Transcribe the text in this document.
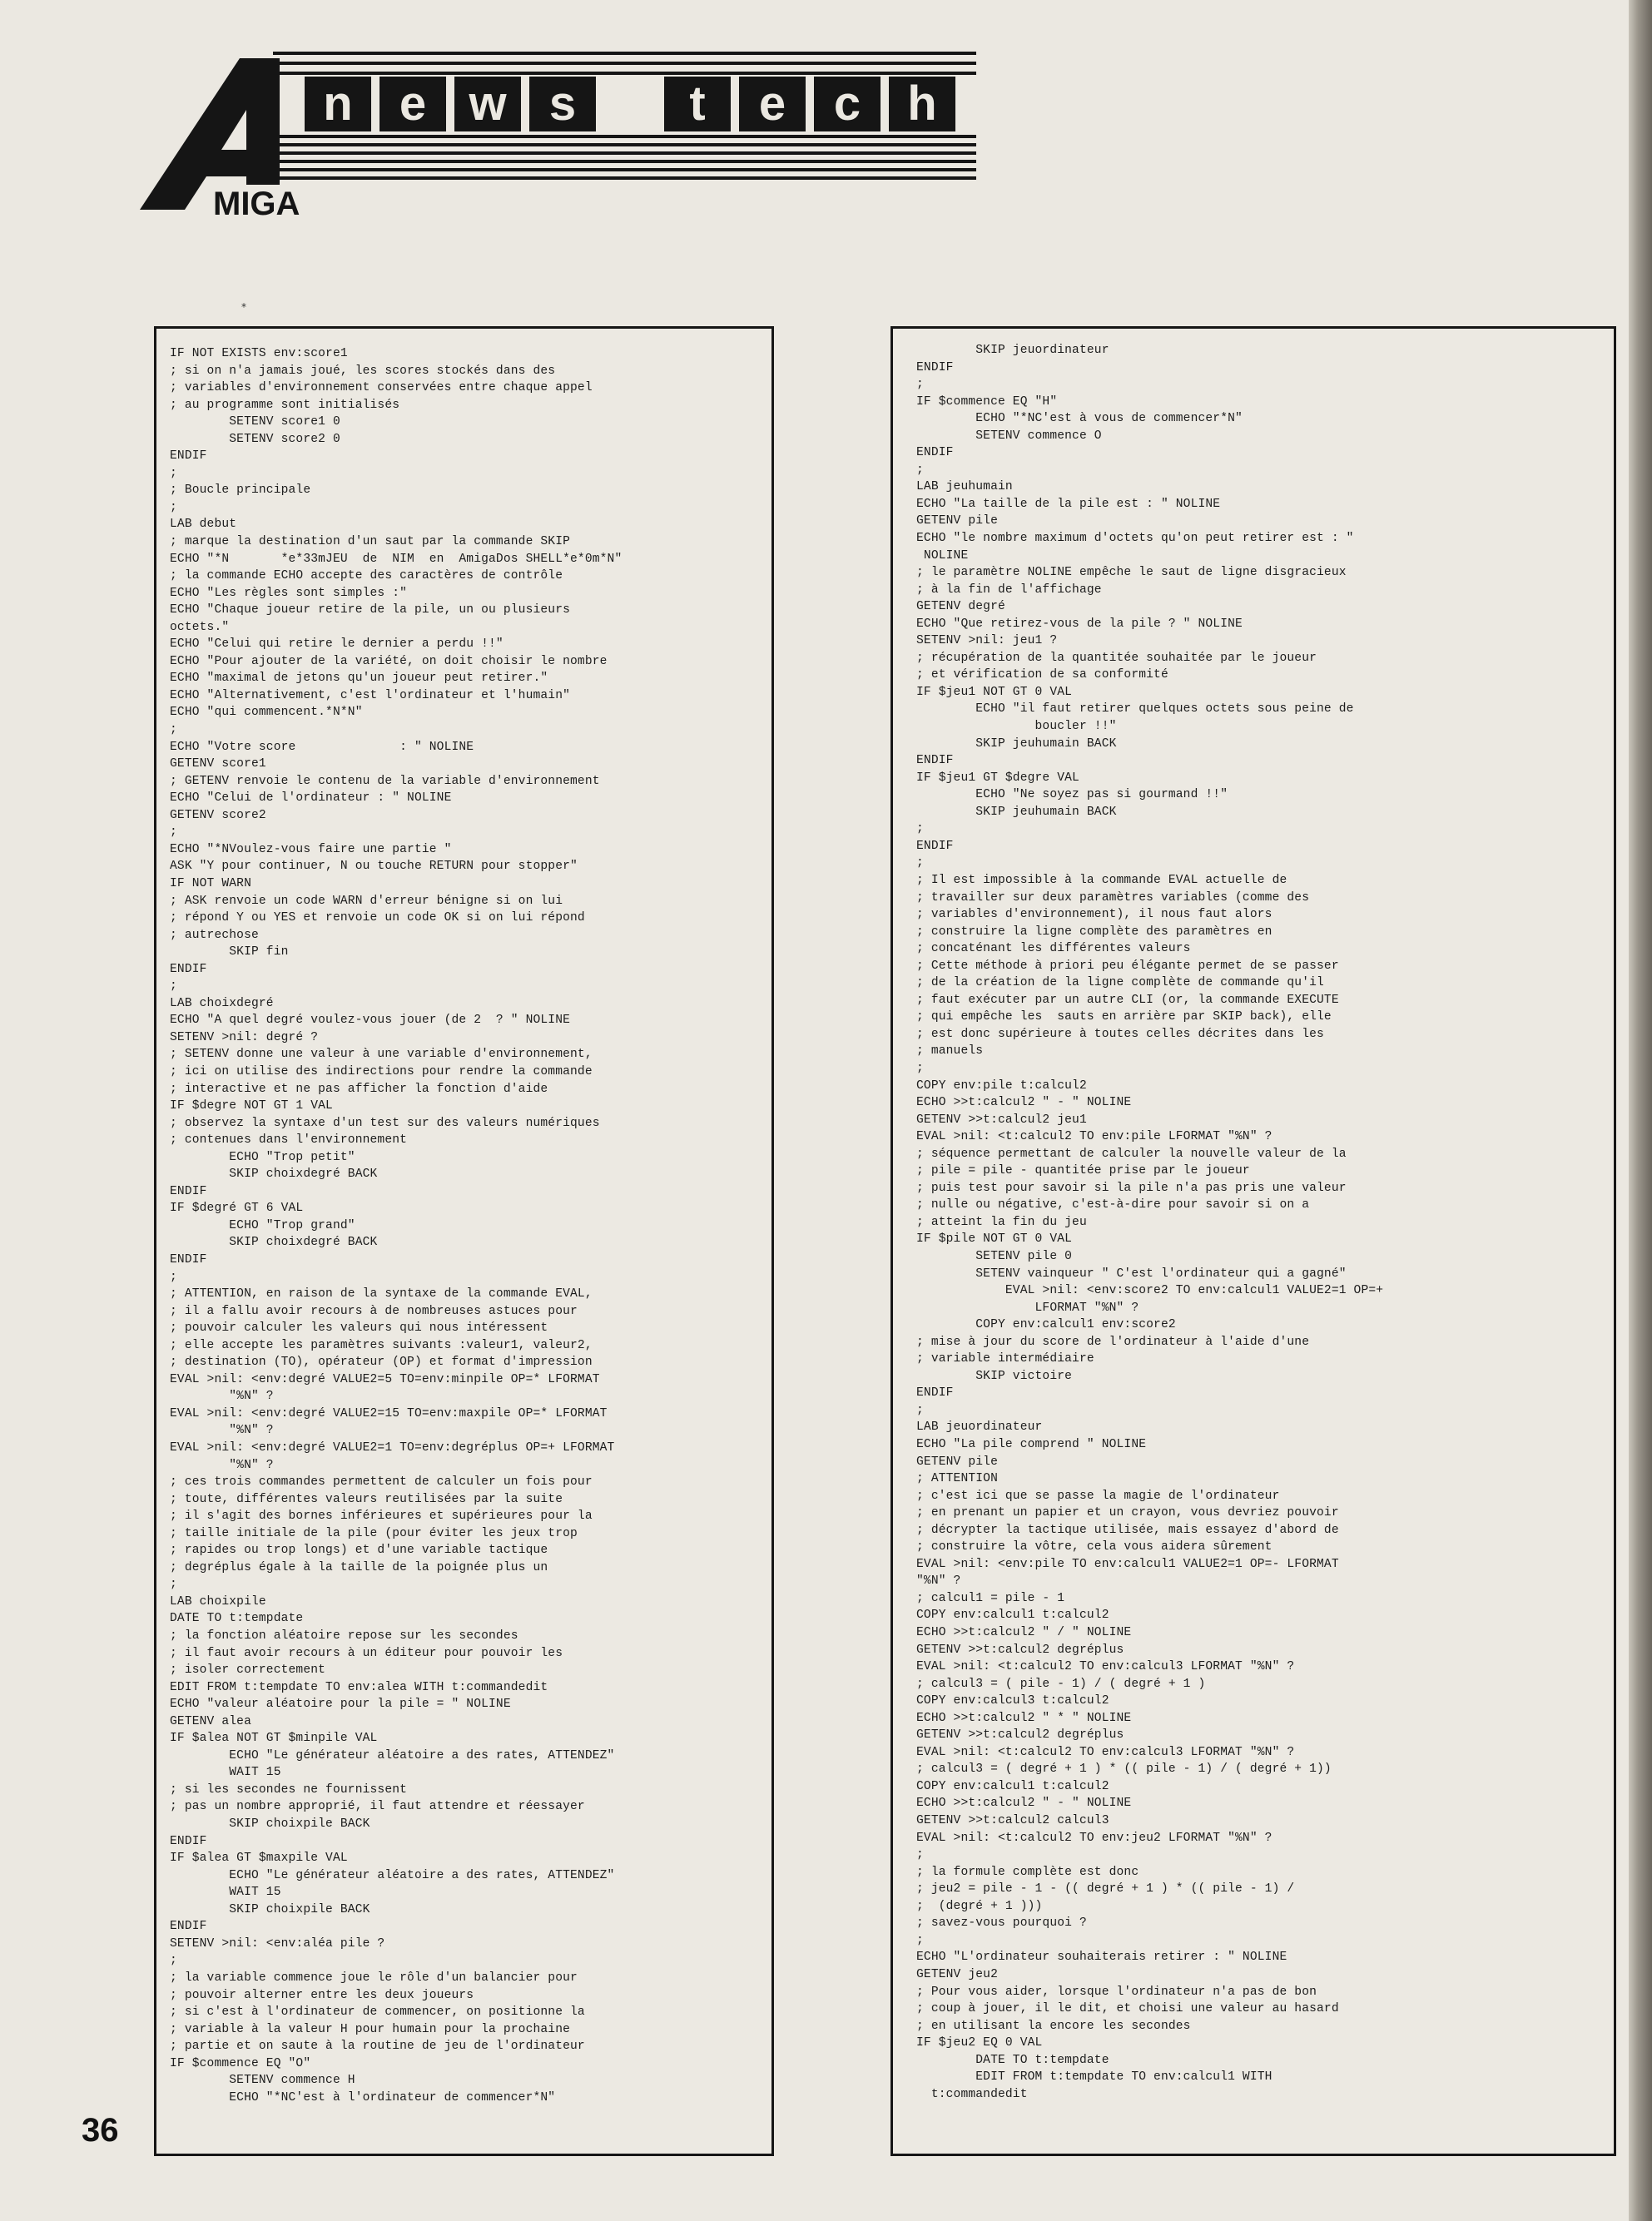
n e w s t e c h
MIGA
A
*
IF NOT EXISTS env:score1
; si on n'a jamais joué, les scores stockés dans des
; variables d'environnement conservées entre chaque appel
; au programme sont initialisés
SETENV score1 0
SETENV score2 0
ENDIF
;
; Boucle principale
;
LAB debut
; marque la destination d'un saut par la commande SKIP
ECHO "*N       *e*33mJEU  de  NIM  en  AmigaDos SHELL*e*0m*N"
; la commande ECHO accepte des caractères de contrôle
ECHO "Les règles sont simples :"
ECHO "Chaque joueur retire de la pile, un ou plusieurs
octets."
ECHO "Celui qui retire le dernier a perdu !!"
ECHO "Pour ajouter de la variété, on doit choisir le nombre
ECHO "maximal de jetons qu'un joueur peut retirer."
ECHO "Alternativement, c'est l'ordinateur et l'humain"
ECHO "qui commencent.*N*N"
;
ECHO "Votre score              : " NOLINE
GETENV score1
; GETENV renvoie le contenu de la variable d'environnement
ECHO "Celui de l'ordinateur : " NOLINE
GETENV score2
;
ECHO "*NVoulez-vous faire une partie "
ASK "Y pour continuer, N ou touche RETURN pour stopper"
IF NOT WARN
; ASK renvoie un code WARN d'erreur bénigne si on lui
; répond Y ou YES et renvoie un code OK si on lui répond
; autrechose
SKIP fin
ENDIF
;
LAB choixdegré
ECHO "A quel degré voulez-vous jouer (de 2  ? " NOLINE
SETENV >nil: degré ?
; SETENV donne une valeur à une variable d'environnement,
; ici on utilise des indirections pour rendre la commande
; interactive et ne pas afficher la fonction d'aide
IF $degre NOT GT 1 VAL
; observez la syntaxe d'un test sur des valeurs numériques
; contenues dans l'environnement
ECHO "Trop petit"
SKIP choixdegré BACK
ENDIF
IF $degré GT 6 VAL
ECHO "Trop grand"
SKIP choixdegré BACK
ENDIF
;
; ATTENTION, en raison de la syntaxe de la commande EVAL,
; il a fallu avoir recours à de nombreuses astuces pour
; pouvoir calculer les valeurs qui nous intéressent
; elle accepte les paramètres suivants :valeur1, valeur2,
; destination (TO), opérateur (OP) et format d'impression
EVAL >nil: <env:degré VALUE2=5 TO=env:minpile OP=* LFORMAT
"%N" ?
EVAL >nil: <env:degré VALUE2=15 TO=env:maxpile OP=* LFORMAT
"%N" ?
EVAL >nil: <env:degré VALUE2=1 TO=env:degréplus OP=+ LFORMAT
"%N" ?
; ces trois commandes permettent de calculer un fois pour
; toute, différentes valeurs reutilisées par la suite
; il s'agit des bornes inférieures et supérieures pour la
; taille initiale de la pile (pour éviter les jeux trop
; rapides ou trop longs) et d'une variable tactique
; degréplus égale à la taille de la poignée plus un
;
LAB choixpile
DATE TO t:tempdate
; la fonction aléatoire repose sur les secondes
; il faut avoir recours à un éditeur pour pouvoir les
; isoler correctement
EDIT FROM t:tempdate TO env:alea WITH t:commandedit
ECHO "valeur aléatoire pour la pile = " NOLINE
GETENV alea
IF $alea NOT GT $minpile VAL
ECHO "Le générateur aléatoire a des rates, ATTENDEZ"
WAIT 15
; si les secondes ne fournissent
; pas un nombre approprié, il faut attendre et réessayer
SKIP choixpile BACK
ENDIF
IF $alea GT $maxpile VAL
ECHO "Le générateur aléatoire a des rates, ATTENDEZ"
WAIT 15
SKIP choixpile BACK
ENDIF
SETENV >nil: <env:aléa pile ?
;
; la variable commence joue le rôle d'un balancier pour
; pouvoir alterner entre les deux joueurs
; si c'est à l'ordinateur de commencer, on positionne la
; variable à la valeur H pour humain pour la prochaine
; partie et on saute à la routine de jeu de l'ordinateur
IF $commence EQ "O"
SETENV commence H
ECHO "*NC'est à l'ordinateur de commencer*N"
SKIP jeuordinateur
ENDIF
;
IF $commence EQ "H"
ECHO "*NC'est à vous de commencer*N"
SETENV commence O
ENDIF
;
LAB jeuhumain
ECHO "La taille de la pile est : " NOLINE
GETENV pile
ECHO "le nombre maximum d'octets qu'on peut retirer est : "
NOLINE
; le paramètre NOLINE empêche le saut de ligne disgracieux
; à la fin de l'affichage
GETENV degré
ECHO "Que retirez-vous de la pile ? " NOLINE
SETENV >nil: jeu1 ?
; récupération de la quantitée souhaitée par le joueur
; et vérification de sa conformité
IF $jeu1 NOT GT 0 VAL
ECHO "il faut retirer quelques octets sous peine de
boucler !!"
SKIP jeuhumain BACK
ENDIF
IF $jeu1 GT $degre VAL
ECHO "Ne soyez pas si gourmand !!"
SKIP jeuhumain BACK
;
ENDIF
;
; Il est impossible à la commande EVAL actuelle de
; travailler sur deux paramètres variables (comme des
; variables d'environnement), il nous faut alors
; construire la ligne complète des paramètres en
; concaténant les différentes valeurs
; Cette méthode à priori peu élégante permet de se passer
; de la création de la ligne complète de commande qu'il
; faut exécuter par un autre CLI (or, la commande EXECUTE
; qui empêche les  sauts en arrière par SKIP back), elle
; est donc supérieure à toutes celles décrites dans les
; manuels
;
COPY env:pile t:calcul2
ECHO >>t:calcul2 " - " NOLINE
GETENV >>t:calcul2 jeu1
EVAL >nil: <t:calcul2 TO env:pile LFORMAT "%N" ?
; séquence permettant de calculer la nouvelle valeur de la
; pile = pile - quantitée prise par le joueur
; puis test pour savoir si la pile n'a pas pris une valeur
; nulle ou négative, c'est-à-dire pour savoir si on a
; atteint la fin du jeu
IF $pile NOT GT 0 VAL
SETENV pile 0
SETENV vainqueur " C'est l'ordinateur qui a gagné"
EVAL >nil: <env:score2 TO env:calcul1 VALUE2=1 OP=+
LFORMAT "%N" ?
COPY env:calcul1 env:score2
; mise à jour du score de l'ordinateur à l'aide d'une
; variable intermédiaire
SKIP victoire
ENDIF
;
LAB jeuordinateur
ECHO "La pile comprend " NOLINE
GETENV pile
; ATTENTION
; c'est ici que se passe la magie de l'ordinateur
; en prenant un papier et un crayon, vous devriez pouvoir
; décrypter la tactique utilisée, mais essayez d'abord de
; construire la vôtre, cela vous aidera sûrement
EVAL >nil: <env:pile TO env:calcul1 VALUE2=1 OP=- LFORMAT
"%N" ?
; calcul1 = pile - 1
COPY env:calcul1 t:calcul2
ECHO >>t:calcul2 " / " NOLINE
GETENV >>t:calcul2 degréplus
EVAL >nil: <t:calcul2 TO env:calcul3 LFORMAT "%N" ?
; calcul3 = ( pile - 1) / ( degré + 1 )
COPY env:calcul3 t:calcul2
ECHO >>t:calcul2 " * " NOLINE
GETENV >>t:calcul2 degréplus
EVAL >nil: <t:calcul2 TO env:calcul3 LFORMAT "%N" ?
; calcul3 = ( degré + 1 ) * (( pile - 1) / ( degré + 1))
COPY env:calcul1 t:calcul2
ECHO >>t:calcul2 " - " NOLINE
GETENV >>t:calcul2 calcul3
EVAL >nil: <t:calcul2 TO env:jeu2 LFORMAT "%N" ?
;
; la formule complète est donc
; jeu2 = pile - 1 - (( degré + 1 ) * (( pile - 1) /
;  (degré + 1 )))
; savez-vous pourquoi ?
;
ECHO "L'ordinateur souhaiterais retirer : " NOLINE
GETENV jeu2
; Pour vous aider, lorsque l'ordinateur n'a pas de bon
; coup à jouer, il le dit, et choisi une valeur au hasard
; en utilisant la encore les secondes
IF $jeu2 EQ 0 VAL
DATE TO t:tempdate
EDIT FROM t:tempdate TO env:calcul1 WITH
t:commandedit
36
